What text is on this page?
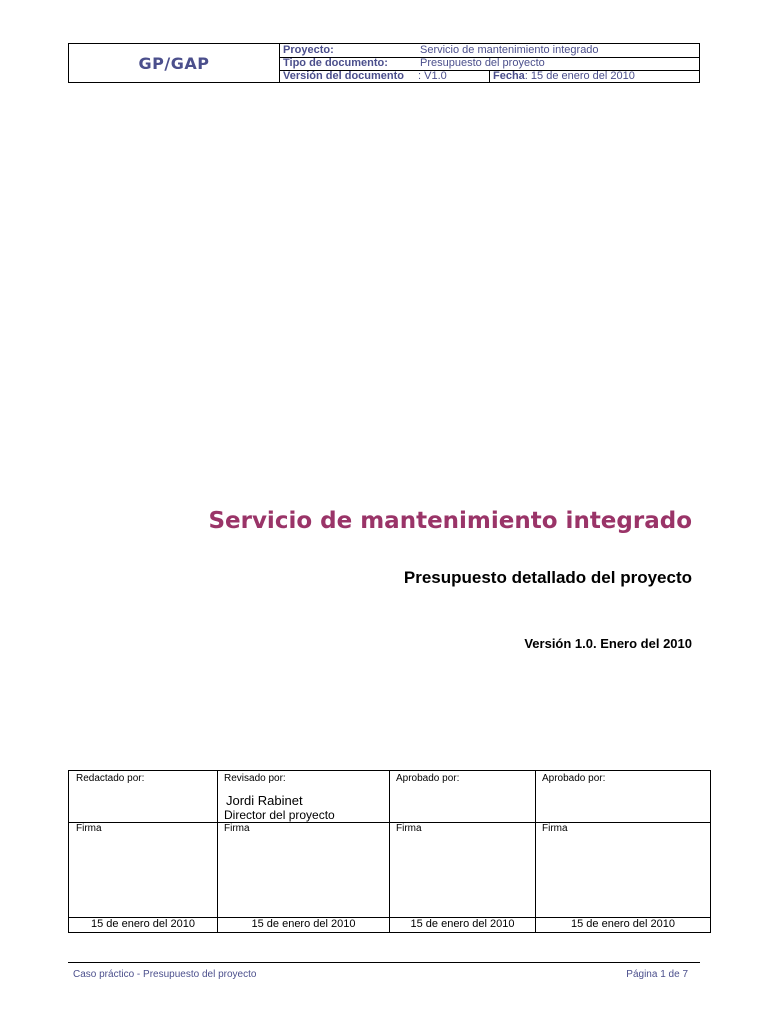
GP/GAP
Proyecto:	Servicio de mantenimiento integrado
Tipo de documento:	Presupuesto del proyecto
Versión del documento : V1.0	Fecha: 15 de enero del 2010
Servicio de mantenimiento integrado
Presupuesto detallado del proyecto
Versión 1.0. Enero del 2010
Redactado por:	Revisado por:	Aprobado por:	Aprobado por:
Jordi Rabinet
Director del proyecto
Firma	Firma	Firma	Firma
15 de enero del 2010	15 de enero del 2010	15 de enero del 2010	15 de enero del 2010
Caso práctico - Presupuesto del proyecto	Página 1 de 7
